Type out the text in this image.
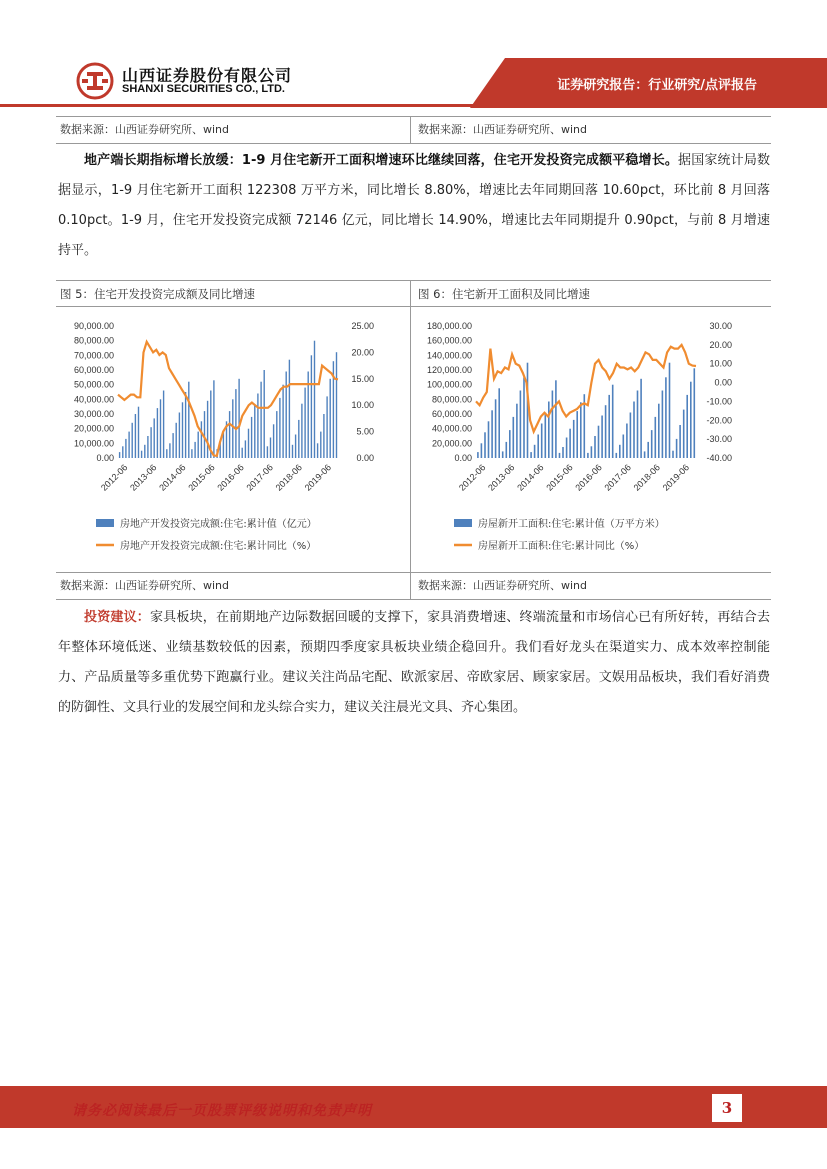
山西证券股份有限公司
SHANXI SECURITIES CO., LTD.	证券研究报告：行业研究/点评报告
数据来源：山西证券研究所、wind	数据来源：山西证券研究所、wind

地产端长期指标增长放缓：1-9 月住宅新开工面积增速环比继续回落，住宅开发投资完成额平稳增长。据国家统计局数据显示，1-9 月住宅新开工面积 122308 万平方米，同比增长 8.80%，增速比去年同期回落 10.60pct，环比前 8 月回落 0.10pct。1-9 月，住宅开发投资完成额 72146 亿元，同比增长 14.90%，增速比去年同期提升 0.90pct，与前 8 月增速持平。

图 5：住宅开发投资完成额及同比增速	图 6：住宅新开工面积及同比增速
90,000.00
80,000.00
70,000.00
60,000.00
50,000.00
40,000.00
30,000.00
20,000.00
10,000.00
0.00
25.00
20.00
15.00
10.00
5.00
0.00
2012-06
2013-06
2014-06
2015-06
2016-06
2017-06
2018-06
2019-06
房地产开发投资完成额:住宅:累计值（亿元）
房地产开发投资完成额:住宅:累计同比（%）
180,000.00
160,000.00
140,000.00
120,000.00
100,000.00
80,000.00
60,000.00
40,000.00
20,000.00
0.00
30.00
20.00
10.00
0.00
-10.00
-20.00
-30.00
-40.00
2012-06
2013-06
2014-06
2015-06
2016-06
2017-06
2018-06
2019-06
房屋新开工面积:住宅:累计值（万平方米）
房屋新开工面积:住宅:累计同比（%）
数据来源：山西证券研究所、wind	数据来源：山西证券研究所、wind

投资建议：家具板块，在前期地产边际数据回暖的支撑下，家具消费增速、终端流量和市场信心已有所好转，再结合去年整体环境低迷、业绩基数较低的因素，预期四季度家具板块业绩企稳回升。我们看好龙头在渠道实力、成本效率控制能力、产品质量等多重优势下跑赢行业。建议关注尚品宅配、欧派家居、帝欧家居、顾家家居。文娱用品板块，我们看好消费的防御性、文具行业的发展空间和龙头综合实力，建议关注晨光文具、齐心集团。

请务必阅读最后一页股票评级说明和免责声明	3
